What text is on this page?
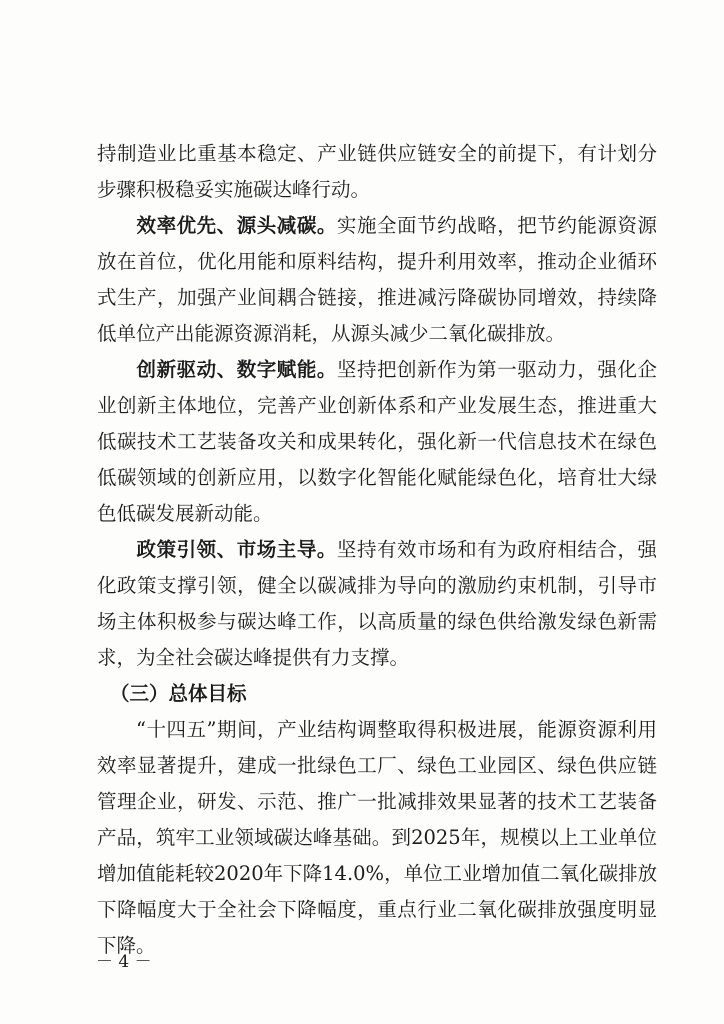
持制造业比重基本稳定、产业链供应链安全的前提下，有计划分
步骤积极稳妥实施碳达峰行动。
效率优先、源头减碳。实施全面节约战略，把节约能源资源
放在首位，优化用能和原料结构，提升利用效率，推动企业循环
式生产，加强产业间耦合链接，推进减污降碳协同增效，持续降
低单位产出能源资源消耗，从源头减少二氧化碳排放。
创新驱动、数字赋能。坚持把创新作为第一驱动力，强化企
业创新主体地位，完善产业创新体系和产业发展生态，推进重大
低碳技术工艺装备攻关和成果转化，强化新一代信息技术在绿色
低碳领域的创新应用，以数字化智能化赋能绿色化，培育壮大绿
色低碳发展新动能。
政策引领、市场主导。坚持有效市场和有为政府相结合，强
化政策支撑引领，健全以碳减排为导向的激励约束机制，引导市
场主体积极参与碳达峰工作，以高质量的绿色供给激发绿色新需
求，为全社会碳达峰提供有力支撑。
（三）总体目标
“十四五”期间，产业结构调整取得积极进展，能源资源利用
效率显著提升，建成一批绿色工厂、绿色工业园区、绿色供应链
管理企业，研发、示范、推广一批减排效果显著的技术工艺装备
产品，筑牢工业领域碳达峰基础。到2025年，规模以上工业单位
增加值能耗较2020年下降14.0%，单位工业增加值二氧化碳排放
下降幅度大于全社会下降幅度，重点行业二氧化碳排放强度明显
下降。
－ 4 －
